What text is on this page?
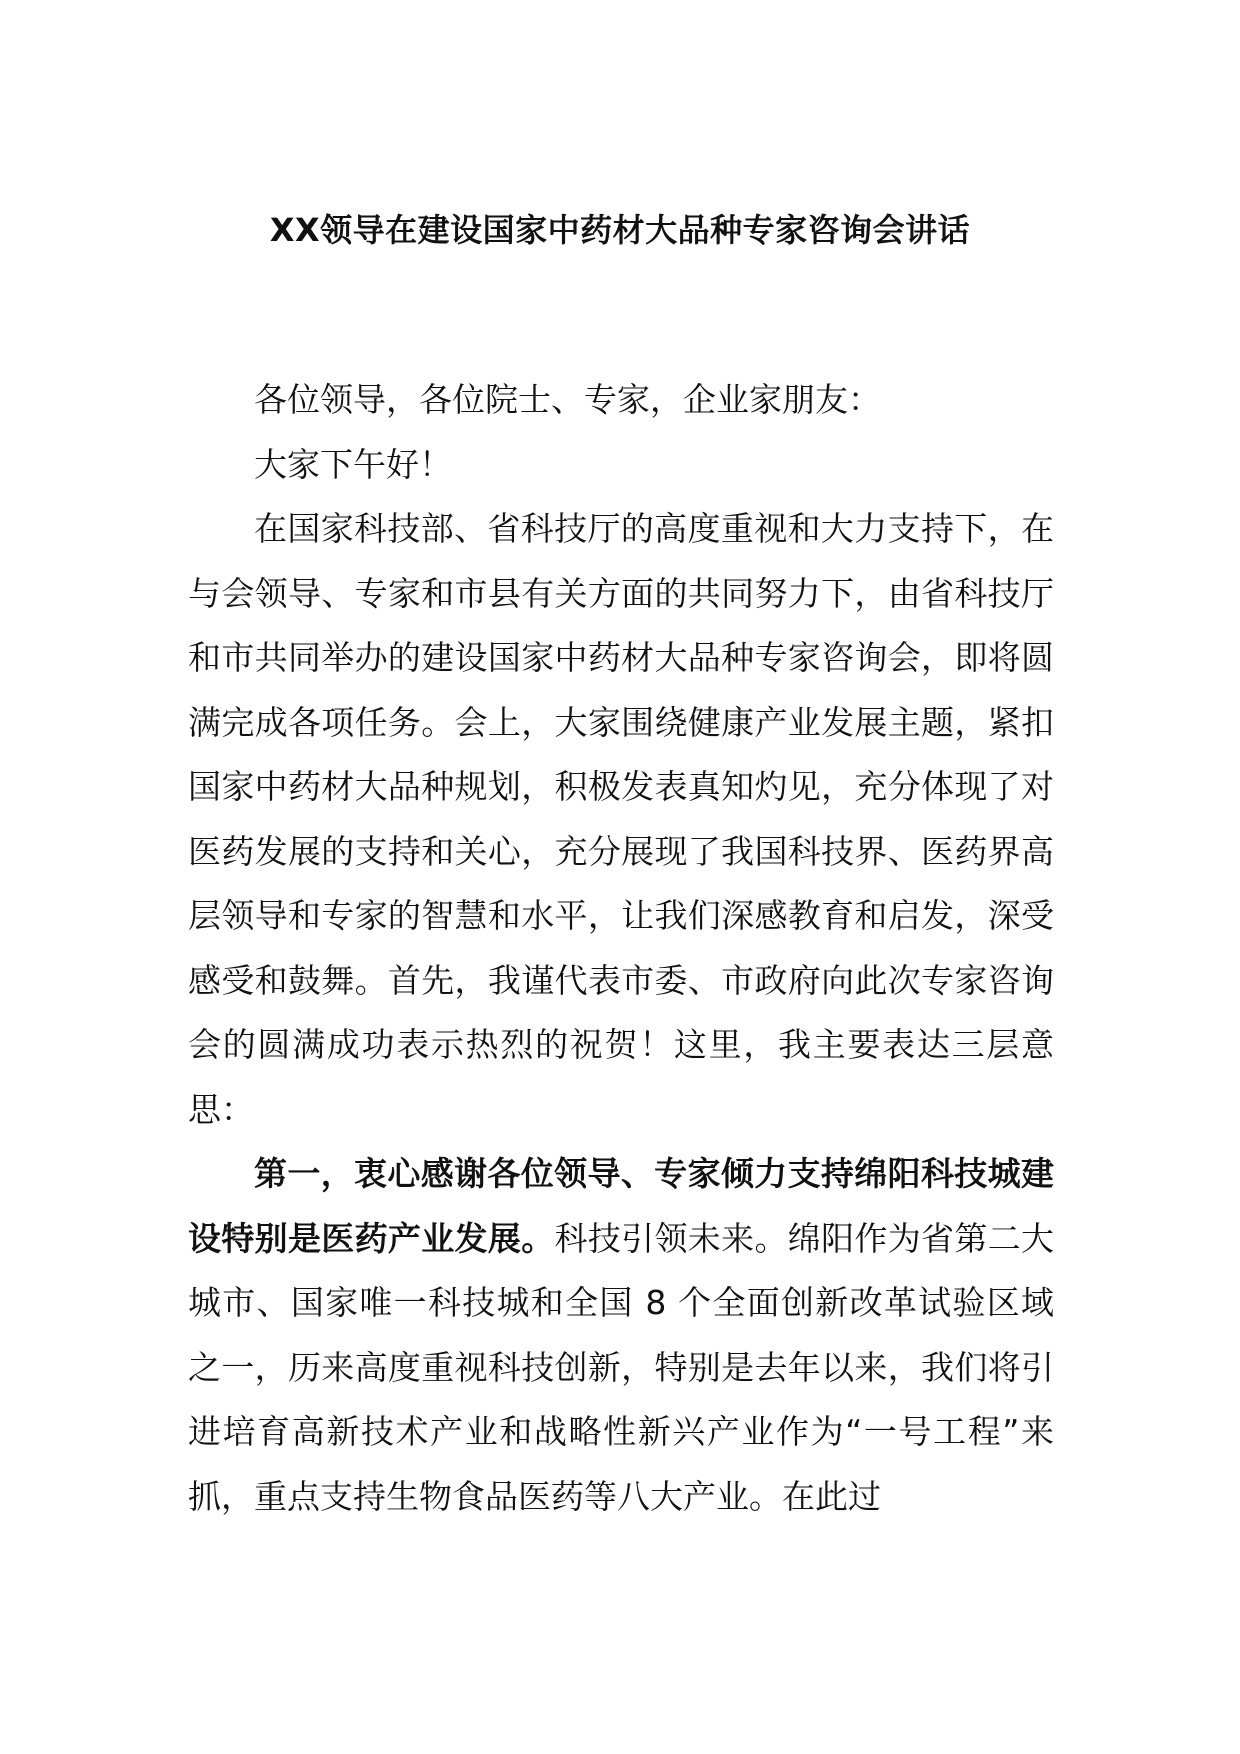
XX领导在建设国家中药材大品种专家咨询会讲话

各位领导，各位院士、专家，企业家朋友：

大家下午好！

在国家科技部、省科技厅的高度重视和大力支持下，在与会领导、专家和市县有关方面的共同努力下，由省科技厅和市共同举办的建设国家中药材大品种专家咨询会，即将圆满完成各项任务。会上，大家围绕健康产业发展主题，紧扣国家中药材大品种规划，积极发表真知灼见，充分体现了对医药发展的支持和关心，充分展现了我国科技界、医药界高层领导和专家的智慧和水平，让我们深感教育和启发，深受感受和鼓舞。首先，我谨代表市委、市政府向此次专家咨询会的圆满成功表示热烈的祝贺！这里，我主要表达三层意思：

第一，衷心感谢各位领导、专家倾力支持绵阳科技城建设特别是医药产业发展。科技引领未来。绵阳作为省第二大城市、国家唯一科技城和全国 8 个全面创新改革试验区域之一，历来高度重视科技创新，特别是去年以来，我们将引进培育高新技术产业和战略性新兴产业作为“一号工程”来抓，重点支持生物食品医药等八大产业。在此过
